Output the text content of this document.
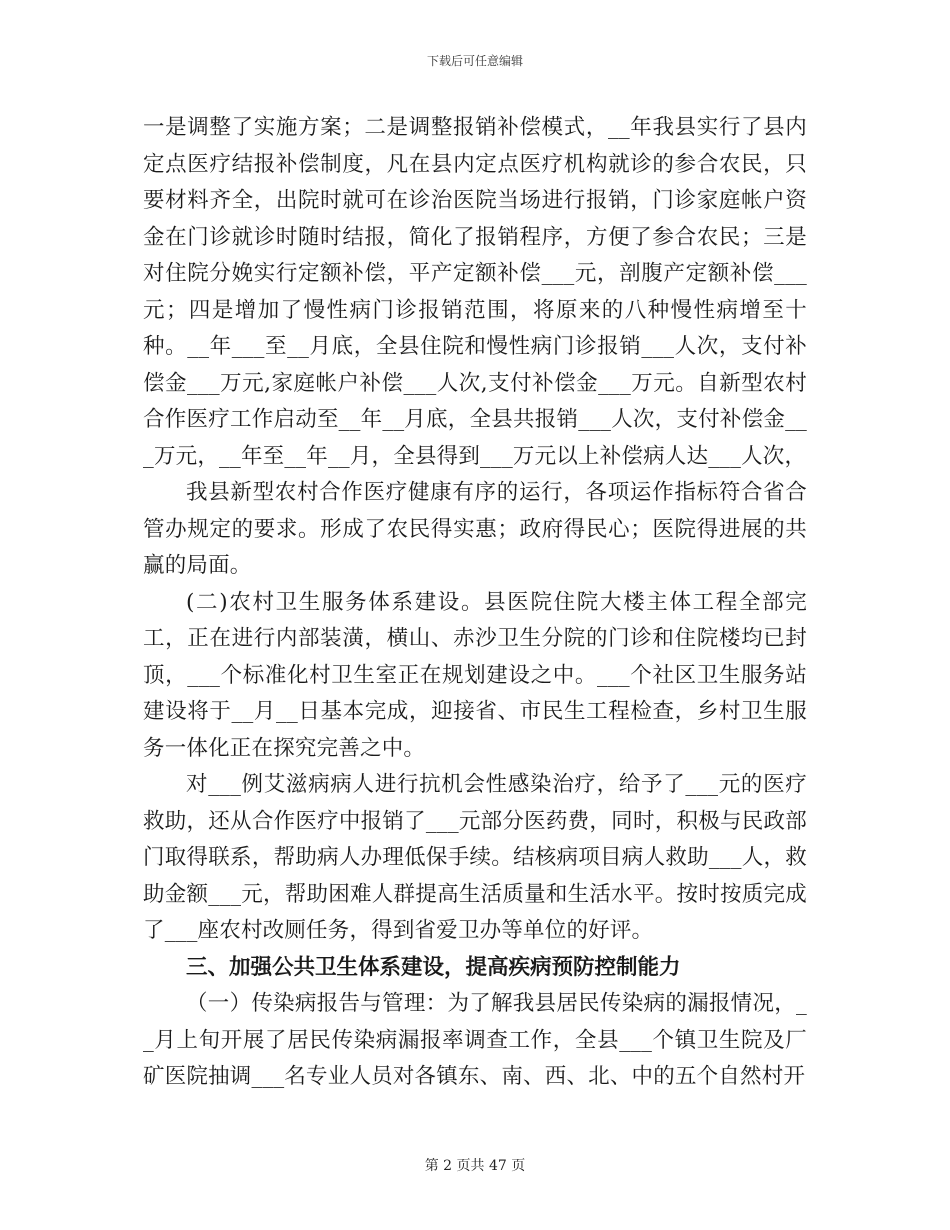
下载后可任意编辑

一是调整了实施方案；二是调整报销补偿模式，__年我县实行了县内定点医疗结报补偿制度，凡在县内定点医疗机构就诊的参合农民，只要材料齐全，出院时就可在诊治医院当场进行报销，门诊家庭帐户资金在门诊就诊时随时结报，简化了报销程序，方便了参合农民；三是对住院分娩实行定额补偿，平产定额补偿___元，剖腹产定额补偿___元；四是增加了慢性病门诊报销范围，将原来的八种慢性病增至十种。__年___至__月底，全县住院和慢性病门诊报销___人次，支付补偿金___万元,家庭帐户补偿___人次,支付补偿金___万元。自新型农村合作医疗工作启动至__年__月底，全县共报销___人次，支付补偿金___万元，__年至__年__月，全县得到___万元以上补偿病人达___人次，

我县新型农村合作医疗健康有序的运行，各项运作指标符合省合管办规定的要求。形成了农民得实惠；政府得民心；医院得进展的共赢的局面。

(二)农村卫生服务体系建设。县医院住院大楼主体工程全部完工，正在进行内部装潢，横山、赤沙卫生分院的门诊和住院楼均已封顶，___个标准化村卫生室正在规划建设之中。___个社区卫生服务站建设将于__月__日基本完成，迎接省、市民生工程检查，乡村卫生服务一体化正在探究完善之中。

对___例艾滋病病人进行抗机会性感染治疗，给予了___元的医疗救助，还从合作医疗中报销了___元部分医药费，同时，积极与民政部门取得联系，帮助病人办理低保手续。结核病项目病人救助___人，救助金额___元，帮助困难人群提高生活质量和生活水平。按时按质完成了___座农村改厕任务，得到省爱卫办等单位的好评。

三、加强公共卫生体系建设，提高疾病预防控制能力

（一）传染病报告与管理：为了解我县居民传染病的漏报情况，__月上旬开展了居民传染病漏报率调查工作，全县___个镇卫生院及厂矿医院抽调___名专业人员对各镇东、南、西、北、中的五个自然村开

第 2 页共 47 页
